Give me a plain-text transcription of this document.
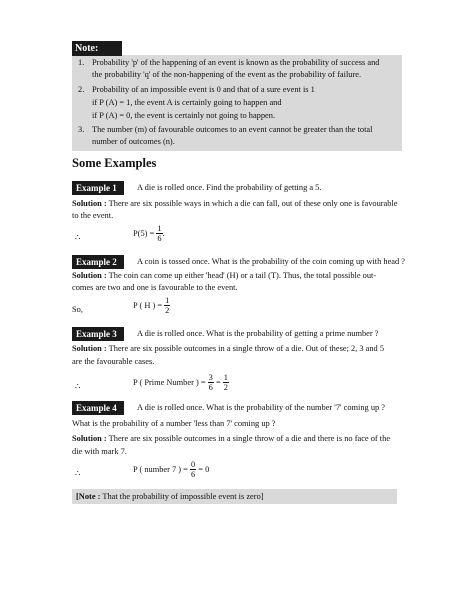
Note:
1. Probability 'p' of the happening of an event is known as the probability of success and
the probability 'q' of the non-happening of the event as the probability of failure.
2. Probability of an impossible event is 0 and that of a sure event is 1
if P (A) = 1, the event A is certainly going to happen and
if P (A) = 0, the event is certainly not going to happen.
3. The number (m) of favourable outcomes to an event cannot be greater than the total
number of outcomes (n).
Some Examples
Example 1	A die is rolled once. Find the probability of getting a 5.
Solution : There are six possible ways in which a die can fall, out of these only one is favourable
to the event.
∴	P(5) =
$\frac{1}{6}$ .
Example 2	A coin is tossed once. What is the probability of the coin coming up with head ?
Solution : The coin can come up either 'head' (H) or a tail (T). Thus, the total possible out-
comes are two and one is favourable to the event.
So,	P ( H ) =
$\frac{1}{2}$
Example 3	A die is rolled once. What is the probability of getting a prime number ?
Solution : There are six possible outcomes in a single throw of a die. Out of these; 2, 3 and 5
are the favourable cases.
∴	P ( Prime Number ) =
$\frac{3}{6} = \frac{1}{2}$
Example 4	A die is rolled once. What is the probability of the number '7' coming up ?
What is the probability of a number 'less than 7' coming up ?
Solution : There are six possible outcomes in a single throw of a die and there is no face of the
die with mark 7.
∴	P ( number 7 ) =
$\frac{0}{6}$
= 0
[Note : That the probability of impossible event is zero]
